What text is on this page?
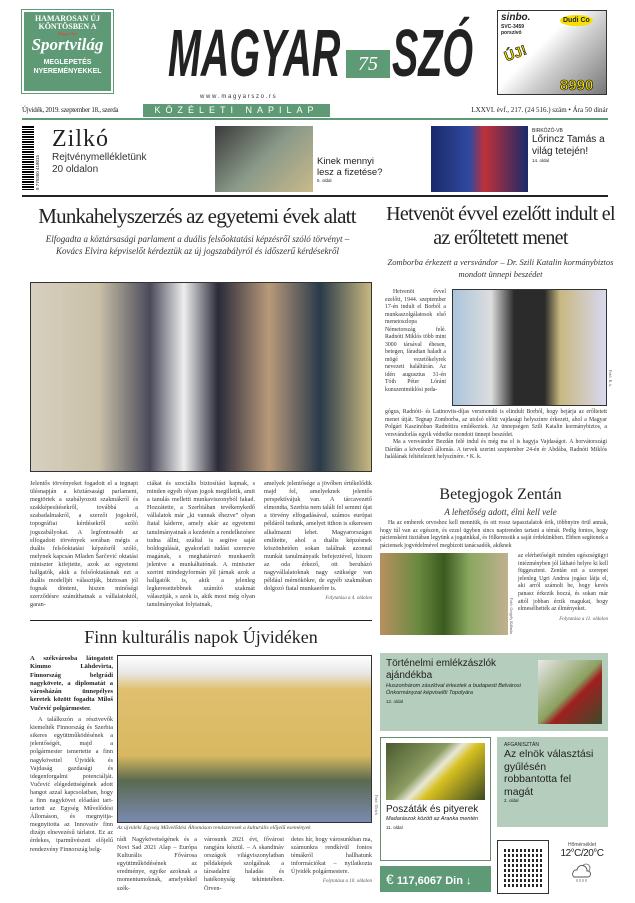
HAMAROSAN ÚJ
KÖNTÖSBEN A
Magyar Szó
Sportvilág
MEGLEPETÉS
NYEREMÉNYEKKEL MAGYAR 75 SZÓ	sinbo.
SVC-3459
porszívó
Dudi Co
ÚJ!
8990
w w w . m a g y a r s z o . r s
Újvidék, 2019. szeptember 18., szerda	KÖZÉLETI NAPILAP	LXXVI. évf., 217. (24 516.) szám • Ára 50 dinár
9 770350 418015
Zilkó
Rejtvénymellékletünk
20 oldalon
Kinek mennyi lesz a fizetése?
5. oldal
BIRKÓZÓ-VB
Lőrincz Tamás a világ tetején!
14. oldal
Munkahelyszerzés az egyetemi évek alatt
Elfogadta a köztársasági parlament a duális felsőoktatási képzésről szóló törvényt – Kovács Elvira képviselőt kérdeztük az új jogszabályról és időszerű kérdésekről
Jelentős törvényeket fogadott el a tegnapi ülésnapján a köztársasági parlament, megtörtek a szabályozott szakmákról és szakképesítésekről, továbbá a szabadalmakról, a szerzői jogokról, topográfiai kérdésekről szóló jogszabályokat. A legfontosabb az elfogadott törvények sorában mégis a duális felsőoktatási képzésről szóló, melynek kapcsán Mladen Šarčević oktatási miniszter kifejtette, azok az egyetemi hallgatók, akik a felsőoktatásnak ezt a duális modelljét választják, biztosan jól fognak dönteni, hiszen minőségi szerződésre számíthatnak a vállalatoktól, garan-
ciákat és szociális biztosítást kapnak, s minden egyéb olyan jogok megilletik, amit a tanulás melletti munkaviszonyból fakad. Hozzátette, a Szerbiában tevékenykedő vállalatok már „ki vannak éhezve” olyan fiatal káderre, amely akár az egyetemi tanulmányainak a kezdetén a rendelkezésre tudna állni, ezáltal is segítve saját boldogulását, gyakorlati tudást szerezve magának, s meghatározó munkaerőt jelentve a munkáltatónak. A miniszter szerint mindegyformán jól járnak azok a hallgatók is, akik a jelenleg legkeresettebbnek számító szakmát választják, s azok is, akik most még olyan tanulmányokat folytatnak,
amelyek jelentősége a jövőben értékelődik majd fel, amelyeknek jelentős perspektívájuk van. A tárcavezető elmondta, Szerbia nem talált fel semmi újat a törvény elfogadásával, számos európai példáról tudunk, amelyet itthon is sikeresen alkalmazni lehet. Magyarországot említette, ahol a duális képzésnek köszönhetően sokan találnak azonnal munkát tanulmányaik befejeztével, hiszen az oda érkező, ott beruházó nagyvállalatoknak nagy szüksége van például mérnökökre, de egyéb szakmában dolgozó fiatal munkaerőre is.
Folytatása a 4. oldalon
Hetvenöt évvel ezelőtt indult el az erőltetett menet
Zomborba érkezett a versvándor – Dr. Szili Katalin kormánybiztos mondott ünnepi beszédet
Hetvenöt évvel ezelőtt, 1944. szeptember 17-én indult el Borból a munkaszolgálatosok első menetoszlopa Németország felé. Radnóti Miklós több mint 3000 társával éhesen, betegen, fáradtan haladt a mögé vezetőkelyrek nevezett haláltúrán. Az idén augusztus 31-én Tóth Péter Lóránt kunszentmiklósi peda-
gógus, Radnóti- és Latinovits-díjas versmondó is elindult Borból, hogy bejárja az erőltetett menet útját. Tegnap Zomborba, az utolsó előtti vajdasági helyszínre érkezett, ahol a Magyar Polgári Kaszinóban Radnótira emlékeztek. Az ünnepségen Szili Katalin kormánybiztos, a versvándorlás egyik védnöke mondott ünnepi beszédet.
Ma a versvándor Bezdán felé indul és még ma el is hagyja Vajdaságot. A horvátországi Dárdán a következő állomás. A tervek szerint szeptember 24-én ér Abdába, Radnóti Miklós halálának feltételezett helyszínére. • K. k.
Fotó: K. k.
Betegjogok Zentán
A lehetőség adott, élni kell vele
Ha az emberek orvoshoz kell menniük, és ott rossz tapasztalatok érik, többnyire örül annak, hogy túl van az egészen, és ezzel ügyben sincs napirenden tartani a témát. Pedig fontos, hogy páciensként tisztában legyünk a jogainkkal, és fölkeressük a saját érdekünkben. Ebben segítenek a páciensek jogvédelmével megbízott tanácsadók, akiknek
az elérhetőségét minden egészségügyi intézményben jól látható helyre ki kell függeszteni. Zentán ezt a szerepet jelenleg Ugri Andrea jogász látja el, aki arról számolt be, hogy kevés panasz érkezik hozzá, és sokan már attól jobban érzik magukat, hogy elmesélhették az élményeket.
Folytatása a 11. oldalon
Fotó: Gergely Kálmán
Finn kulturális napok Újvidéken
A székvárosba látogatott Kimmo Lähdevirta, Finnország belgrádi nagykövete, a diplomatát a városházán ünnepélyes keretek között fogadta Miloš Vučević polgármester.
A találkozón a résztvevők kiemelték Finnország és Szerbia sikeres együttműködésének a jelentőségét, majd a polgármester ismertette a finn nagykövettel Újvidék és Vajdaság gazdasági és idegenforgalmi potenciálját. Vučević elégedettségének adott hangot azzal kapcsolatban, hogy a finn nagykövet előadást tart-tartott az Egység Művelődési Állomáson, és megnyitja-megnyitotta az Innovatív finn dizájn elnevezésű tárlatot. Ez az érdekes, iparművészeti előjelű rendezvény Finnország belg-
Fotó: Ulrich
Az újvidéki Egység Művelődési Állomáson rendszeresek a kulturális előjelű események
rádi Nagykövetségének és a Novi Sad 2021 Alap – Európa Kulturális Fővárosa együttműködésének az eredménye, egyike azoknak a momentumoknak, amelyekkel szék-
városunk 2021 évt, fővárosi rangjára készül. – A skandináv országok világviszonylatban példaképek szolgálnak a társadalmi haladás és hatékonyság tekintetében. Örven-
detes hír, hogy városunkban ma, számunkra rendkívül fontos témákról hallhatunk információkat – nyilatkozta Újvidék polgármestere.
Folytatása a 10. oldalon
Történelmi emlékzászlók ajándékba
Huszonhárom zászlóval érkeztek a budapesti Belvárosi Önkormányzat képviselői Topolyára
12. oldal
Poszáták és pityerek
Madarászok között az Aranka mentén
11. oldal
AFGANISZTÁN
Az elnök választási gyűlésén robbantotta fel magát
2. oldal
€ 117,6067 Din ↓
Hőmérséklet
12°C/20°C
